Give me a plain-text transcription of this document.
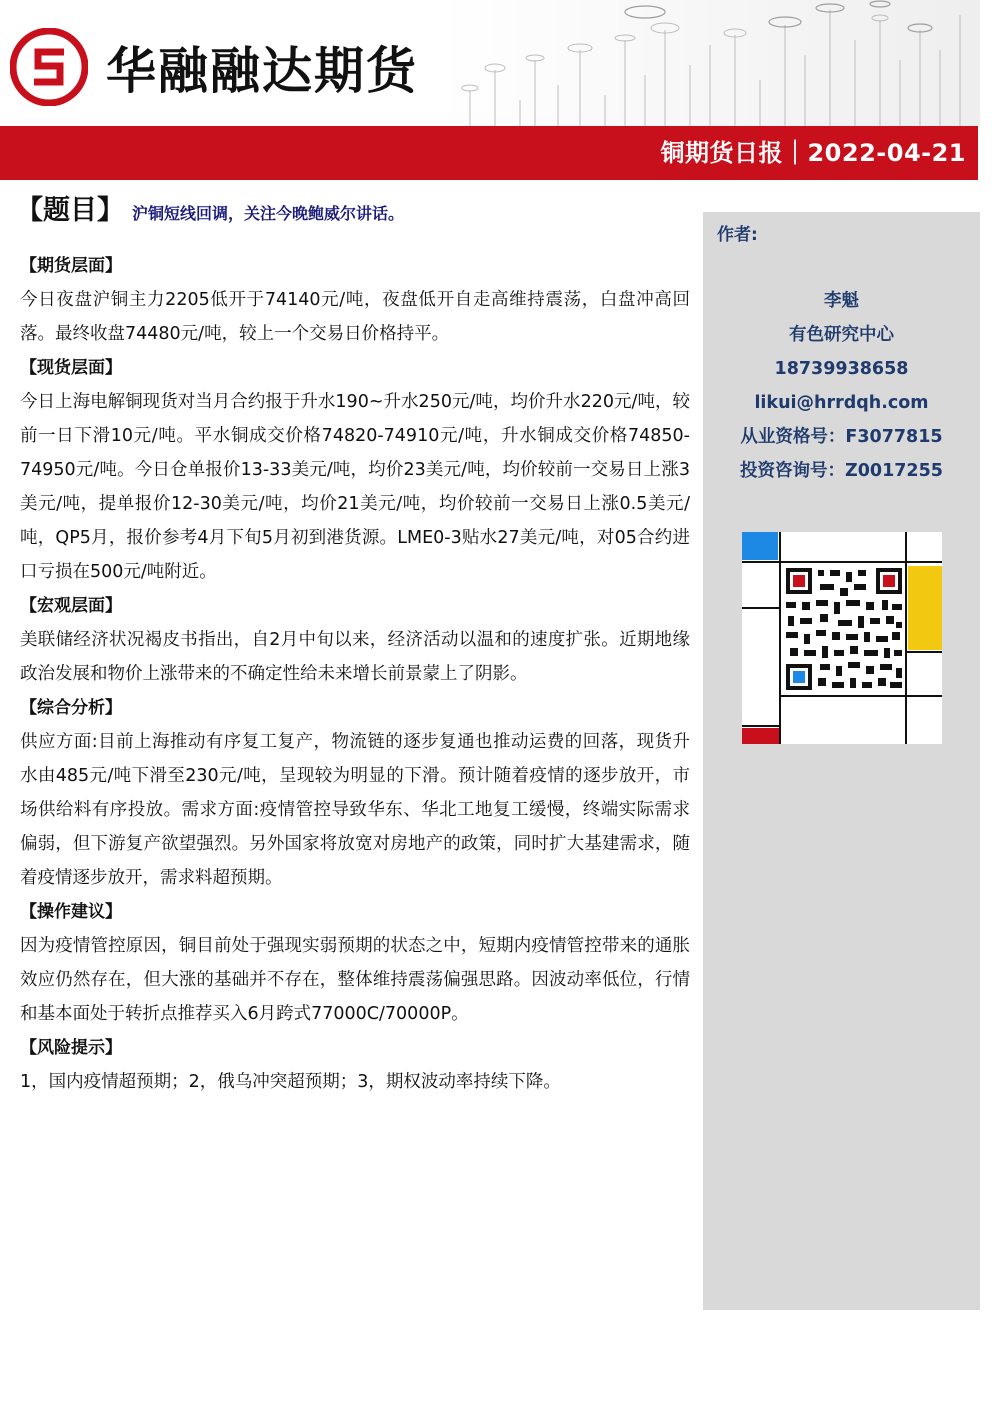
华融融达期货
铜期货日报｜2022-04-21
【题目】 沪铜短线回调，关注今晚鲍威尔讲话。
【期货层面】
今日夜盘沪铜主力2205低开于74140元/吨，夜盘低开自走高维持震荡，白盘冲高回落。最终收盘74480元/吨，较上一个交易日价格持平。
【现货层面】
今日上海电解铜现货对当月合约报于升水190~升水250元/吨，均价升水220元/吨，较前一日下滑10元/吨。平水铜成交价格74820-74910元/吨，升水铜成交价格74850-74950元/吨。今日仓单报价13-33美元/吨，均价23美元/吨，均价较前一交易日上涨3美元/吨，提单报价12-30美元/吨，均价21美元/吨，均价较前一交易日上涨0.5美元/吨，QP5月，报价参考4月下旬5月初到港货源。LME0-3贴水27美元/吨，对05合约进口亏损在500元/吨附近。
【宏观层面】
美联储经济状况褐皮书指出，自2月中旬以来，经济活动以温和的速度扩张。近期地缘政治发展和物价上涨带来的不确定性给未来增长前景蒙上了阴影。
【综合分析】
供应方面:目前上海推动有序复工复产，物流链的逐步复通也推动运费的回落，现货升水由485元/吨下滑至230元/吨，呈现较为明显的下滑。预计随着疫情的逐步放开，市场供给料有序投放。需求方面:疫情管控导致华东、华北工地复工缓慢，终端实际需求偏弱，但下游复产欲望强烈。另外国家将放宽对房地产的政策，同时扩大基建需求，随着疫情逐步放开，需求料超预期。
【操作建议】
因为疫情管控原因，铜目前处于强现实弱预期的状态之中，短期内疫情管控带来的通胀效应仍然存在，但大涨的基础并不存在，整体维持震荡偏强思路。因波动率低位，行情和基本面处于转折点推荐买入6月跨式77000C/70000P。
【风险提示】
1，国内疫情超预期；2，俄乌冲突超预期；3，期权波动率持续下降。
作者:
李魁
有色研究中心
18739938658
likui@hrrdqh.com
从业资格号：F3077815
投资咨询号：Z0017255
